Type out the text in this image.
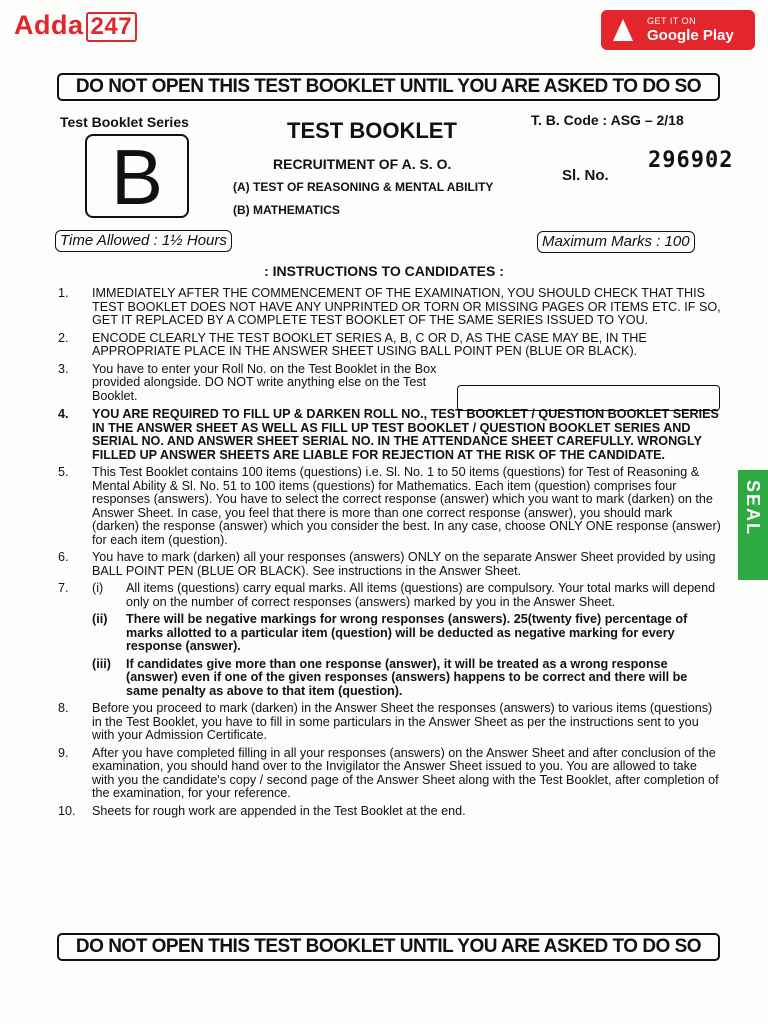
Adda 247	GET IT ON
Google Play
DO NOT OPEN THIS TEST BOOKLET UNTIL YOU ARE ASKED TO DO SO
Test Booklet Series
B
TEST BOOKLET
RECRUITMENT OF A. S. O.
(A) TEST OF REASONING & MENTAL ABILITY
(B) MATHEMATICS
T. B. Code : ASG – 2/18
Sl. No.
296902
Time Allowed : 1½ Hours	Maximum Marks : 100
: INSTRUCTIONS TO CANDIDATES :
1. IMMEDIATELY AFTER THE COMMENCEMENT OF THE EXAMINATION, YOU SHOULD CHECK THAT THIS TEST BOOKLET DOES NOT HAVE ANY UNPRINTED OR TORN OR MISSING PAGES OR ITEMS ETC. IF SO, GET IT REPLACED BY A COMPLETE TEST BOOKLET OF THE SAME SERIES ISSUED TO YOU.
2. ENCODE CLEARLY THE TEST BOOKLET SERIES A, B, C OR D, AS THE CASE MAY BE, IN THE APPROPRIATE PLACE IN THE ANSWER SHEET USING BALL POINT PEN (BLUE OR BLACK).
3. You have to enter your Roll No. on the Test Booklet in the Box provided alongside. DO NOT write anything else on the Test Booklet.
4. YOU ARE REQUIRED TO FILL UP & DARKEN ROLL NO., TEST BOOKLET / QUESTION BOOKLET SERIES IN THE ANSWER SHEET AS WELL AS FILL UP TEST BOOKLET / QUESTION BOOKLET SERIES AND SERIAL NO. AND ANSWER SHEET SERIAL NO. IN THE ATTENDANCE SHEET CAREFULLY. WRONGLY FILLED UP ANSWER SHEETS ARE LIABLE FOR REJECTION AT THE RISK OF THE CANDIDATE.
5. This Test Booklet contains 100 items (questions) i.e. Sl. No. 1 to 50 items (questions) for Test of Reasoning & Mental Ability & Sl. No. 51 to 100 items (questions) for Mathematics. Each item (question) comprises four responses (answers). You have to select the correct response (answer) which you want to mark (darken) on the Answer Sheet. In case, you feel that there is more than one correct response (answer), you should mark (darken) the response (answer) which you consider the best. In any case, choose ONLY ONE response (answer) for each item (question).
6. You have to mark (darken) all your responses (answers) ONLY on the separate Answer Sheet provided by using BALL POINT PEN (BLUE OR BLACK). See instructions in the Answer Sheet.
7. (i) All items (questions) carry equal marks. All items (questions) are compulsory. Your total marks will depend only on the number of correct responses (answers) marked by you in the Answer Sheet.
(ii) There will be negative markings for wrong responses (answers). 25(twenty five) percentage of marks allotted to a particular item (question) will be deducted as negative marking for every response (answer).
(iii) If candidates give more than one response (answer), it will be treated as a wrong response (answer) even if one of the given responses (answers) happens to be correct and there will be same penalty as above to that item (question).
8. Before you proceed to mark (darken) in the Answer Sheet the responses (answers) to various items (questions) in the Test Booklet, you have to fill in some particulars in the Answer Sheet as per the instructions sent to you with your Admission Certificate.
9. After you have completed filling in all your responses (answers) on the Answer Sheet and after conclusion of the examination, you should hand over to the Invigilator the Answer Sheet issued to you. You are allowed to take with you the candidate's copy / second page of the Answer Sheet along with the Test Booklet, after completion of the examination, for your reference.
10. Sheets for rough work are appended in the Test Booklet at the end.
SEAL
DO NOT OPEN THIS TEST BOOKLET UNTIL YOU ARE ASKED TO DO SO
